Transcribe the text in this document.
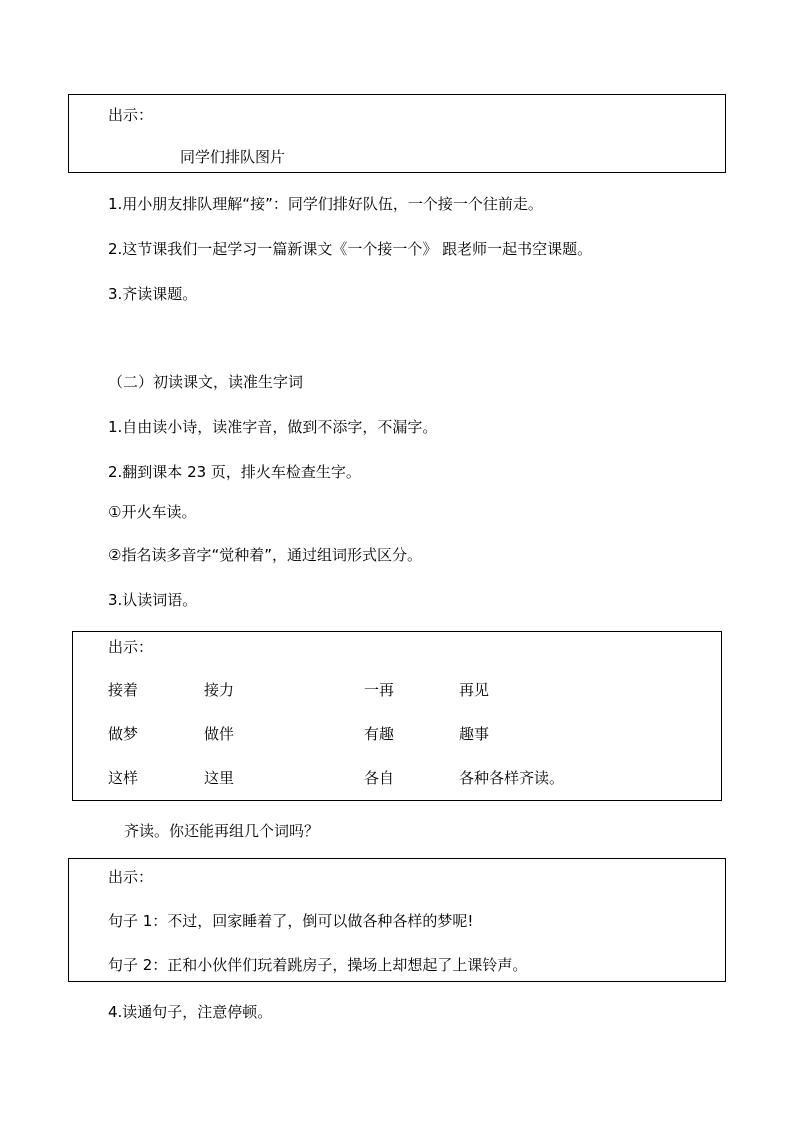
出示：
同学们排队图片
1.用小朋友排队理解“接”：同学们排好队伍，一个接一个往前走。
2.这节课我们一起学习一篇新课文《一个接一个》 跟老师一起书空课题。
3.齐读课题。
（二）初读课文，读准生字词
1.自由读小诗，读准字音，做到不添字，不漏字。
2.翻到课本 23 页，排火车检查生字。
①开火车读。
②指名读多音字“觉种着”，通过组词形式区分。
3.认读词语。
出示：
接着	接力	一再	再见
做梦	做伴	有趣	趣事
这样	这里	各自	各种各样齐读。
齐读。你还能再组几个词吗？
出示：
句子 1：不过，回家睡着了，倒可以做各种各样的梦呢!
句子 2：正和小伙伴们玩着跳房子，操场上却想起了上课铃声。
4.读通句子，注意停顿。
